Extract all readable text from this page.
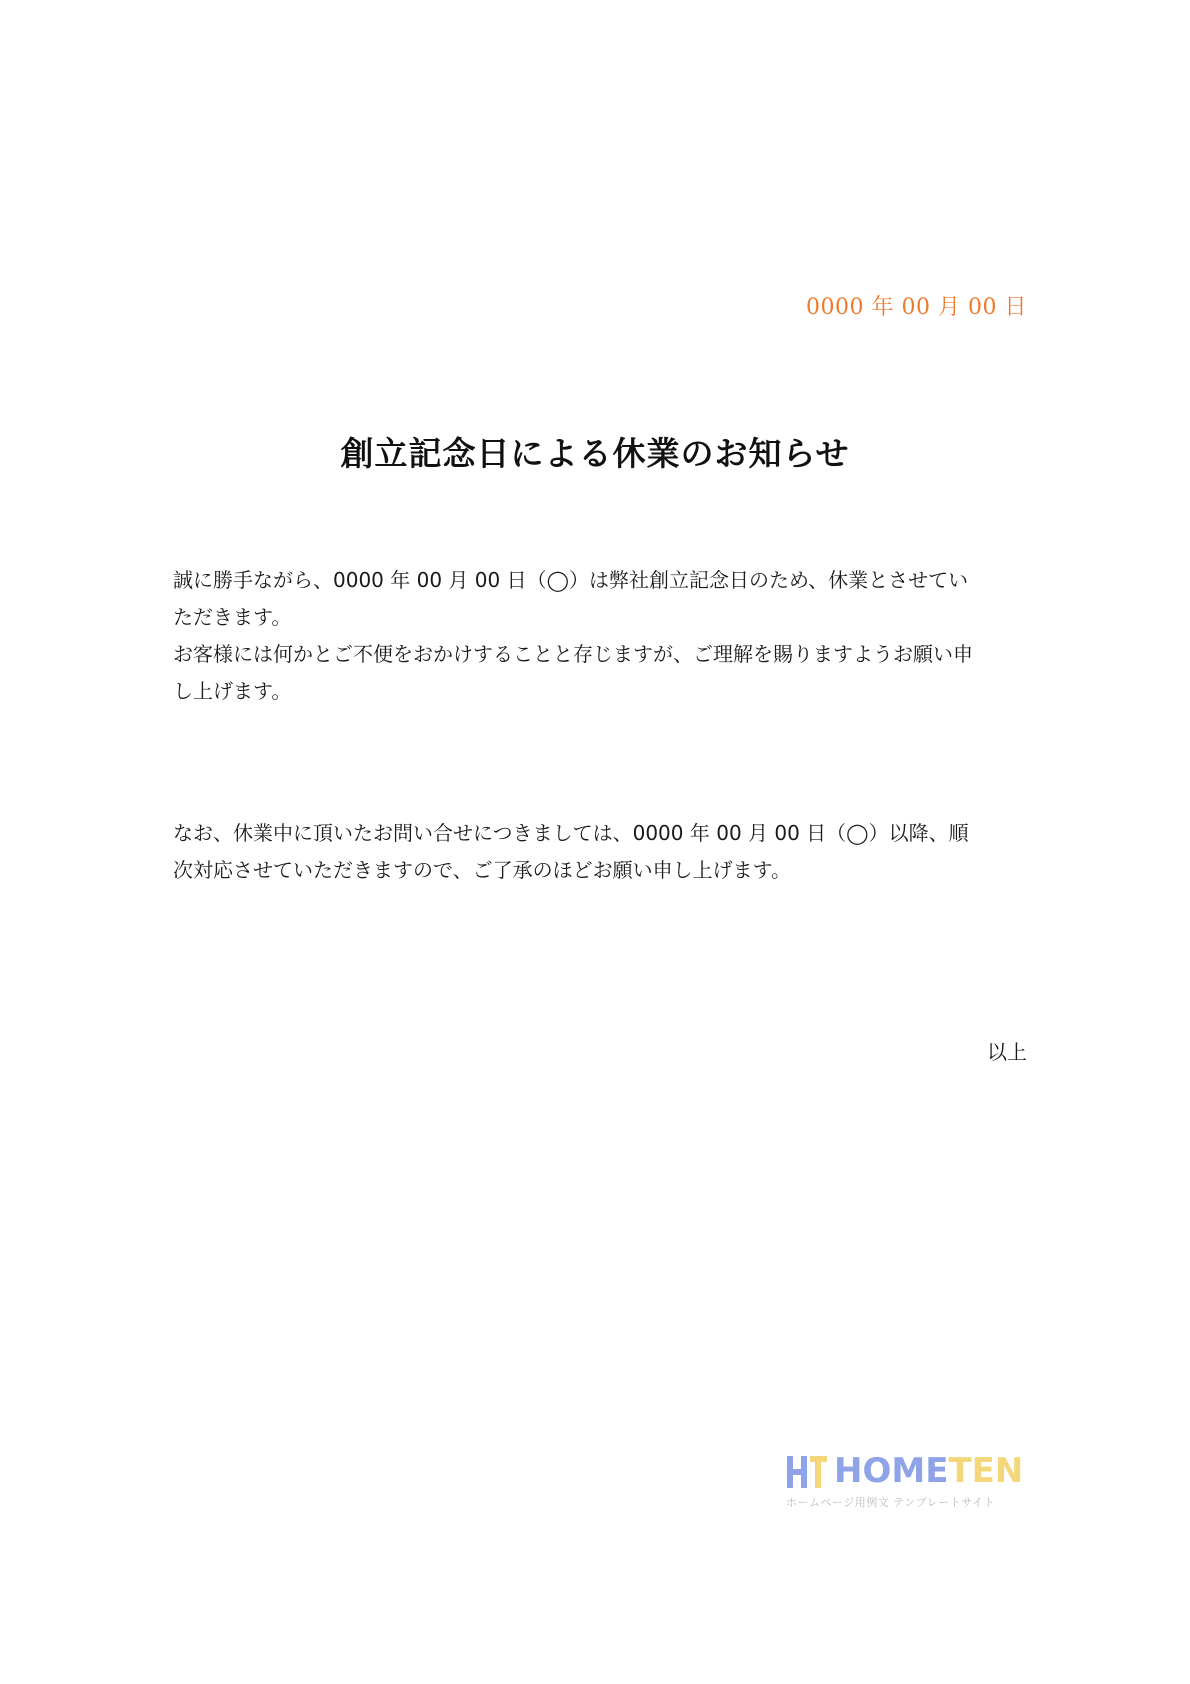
0000 年 00 月 00 日
創立記念日による休業のお知らせ
誠に勝手ながら、0000 年 00 月 00 日（◯）は弊社創立記念日のため、休業とさせてい
ただきます。
お客様には何かとご不便をおかけすることと存じますが、ご理解を賜りますようお願い申
し上げます。
なお、休業中に頂いたお問い合せにつきましては、0000 年 00 月 00 日（◯）以降、順
次対応させていただきますので、ご了承のほどお願い申し上げます。
以上
HOMETEN
ホームページ用例文 テンプレートサイト
